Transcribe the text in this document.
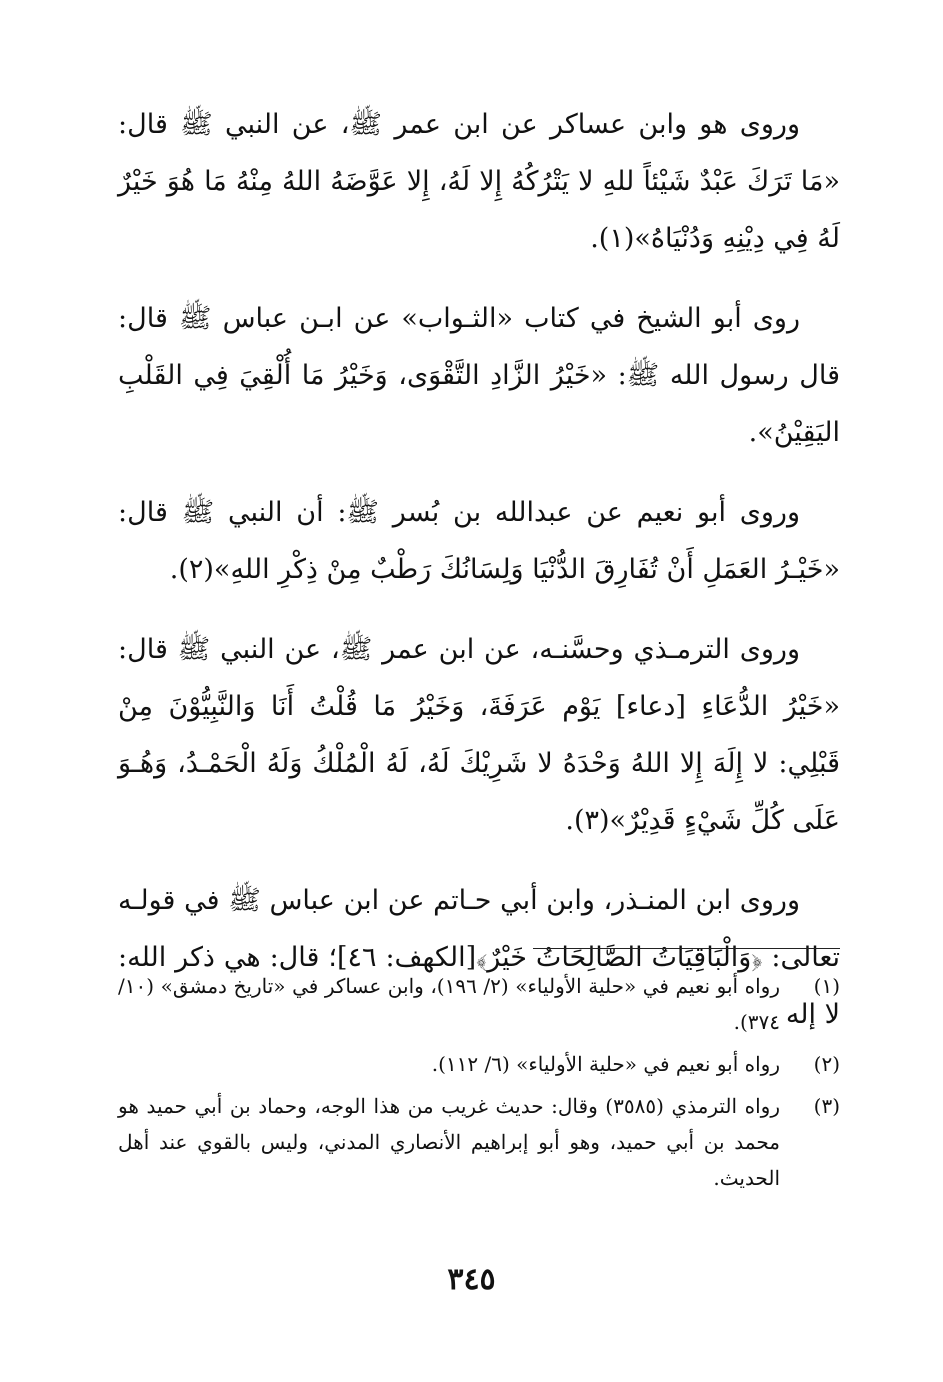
وروى هو وابن عساكر عن ابن عمر ﷺ، عن النبي ﷺ قال: «مَا تَرَكَ عَبْدٌ شَيْئاً للهِ لا يَتْرُكُهُ إِلا لَهُ، إِلا عَوَّضَهُ اللهُ مِنْهُ مَا هُوَ خَيْرٌ لَهُ فِي دِيْنِهِ وَدُنْيَاهُ»(١).

روى أبو الشيخ في كتاب «الثـواب» عن ابـن عباس ﷺ قال: قال رسول الله ﷺ: «خَيْرُ الزَّادِ التَّقْوَى، وَخَيْرُ مَا أُلْقِيَ فِي القَلْبِ اليَقِيْنُ».

وروى أبو نعيم عن عبدالله بن بُسر ﷺ: أن النبي ﷺ قال: «خَيْـرُ العَمَلِ أَنْ تُفَارِقَ الدُّنْيَا وَلِسَانُكَ رَطْبٌ مِنْ ذِكْرِ اللهِ»(٢).

وروى الترمـذي وحسَّنـه، عن ابن عمر ﷺ، عن النبي ﷺ قال: «خَيْرُ الدُّعَاءِ [دعاء] يَوْم عَرَفَةَ، وَخَيْرُ مَا قُلْتُ أَنَا وَالنَّبِيُّوْنَ مِنْ قَبْلِي: لا إِلَهَ إِلا اللهُ وَحْدَهُ لا شَرِيْكَ لَهُ، لَهُ الْمُلْكُ وَلَهُ الْحَمْـدُ، وَهُـوَ عَلَى كُلِّ شَيْءٍ قَدِيْرٌ»(٣).

وروى ابن المنـذر، وابن أبي حـاتم عن ابن عباس ﷺ في قولـه تعالى: ﴿وَالْبَاقِيَاتُ الصَّالِحَاتُ خَيْرٌ﴾[الكهف: ٤٦]؛ قال: هي ذكر الله: لا إله

(١)
رواه أبو نعيم في «حلية الأولياء» (٢/ ١٩٦)، وابن عساكر في «تاريخ دمشق» (١٠/ ٣٧٤).
(٢)
رواه أبو نعيم في «حلية الأولياء» (٦/ ١١٢).
(٣)
رواه الترمذي (٣٥٨٥) وقال: حديث غريب من هذا الوجه، وحماد بن أبي حميد هو محمد بن أبي حميد، وهو أبو إبراهيم الأنصاري المدني، وليس بالقوي عند أهل الحديث.
٣٤٥
